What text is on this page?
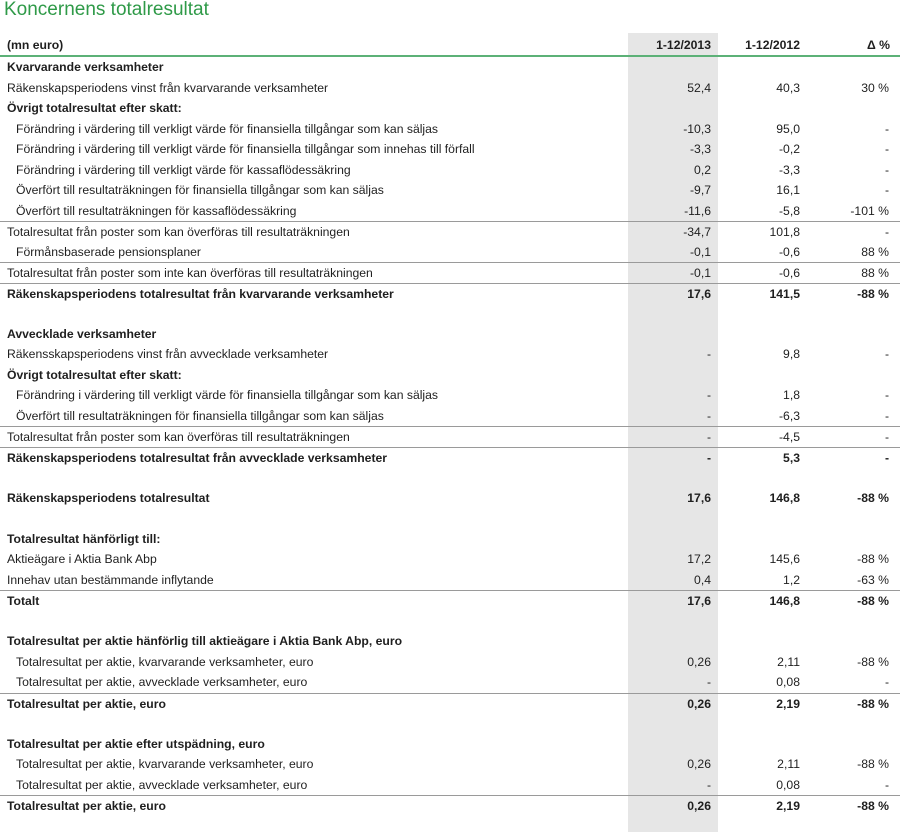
Koncernens totalresultat
(mn euro)	1-12/2013	1-12/2012	Δ %
Kvarvarande verksamheter
Räkenskapsperiodens vinst från kvarvarande verksamheter	52,4	40,3	30 %
Övrigt totalresultat efter skatt:
Förändring i värdering till verkligt värde för finansiella tillgångar som kan säljas	-10,3	95,0	-
Förändring i värdering till verkligt värde för finansiella tillgångar som innehas till förfall	-3,3	-0,2	-
Förändring i värdering till verkligt värde för kassaflödessäkring	0,2	-3,3	-
Överfört till resultaträkningen för finansiella tillgångar som kan säljas	-9,7	16,1	-
Överfört till resultaträkningen för kassaflödessäkring	-11,6	-5,8	-101 %
Totalresultat från poster som kan överföras till resultaträkningen	-34,7	101,8	-
Förmånsbaserade pensionsplaner	-0,1	-0,6	88 %
Totalresultat från poster som inte kan överföras till resultaträkningen	-0,1	-0,6	88 %
Räkenskapsperiodens totalresultat från kvarvarande verksamheter	17,6	141,5	-88 %
Avvecklade verksamheter
Räkensskapsperiodens vinst från avvecklade verksamheter	-	9,8	-
Övrigt totalresultat efter skatt:
Förändring i värdering till verkligt värde för finansiella tillgångar som kan säljas	-	1,8	-
Överfört till resultaträkningen för finansiella tillgångar som kan säljas	-	-6,3	-
Totalresultat från poster som kan överföras till resultaträkningen	-	-4,5	-
Räkenskapsperiodens totalresultat från avvecklade verksamheter	-	5,3	-
Räkenskapsperiodens totalresultat	17,6	146,8	-88 %
Totalresultat hänförligt till:
Aktieägare i Aktia Bank Abp	17,2	145,6	-88 %
Innehav utan bestämmande inflytande	0,4	1,2	-63 %
Totalt	17,6	146,8	-88 %
Totalresultat per aktie hänförlig till aktieägare i Aktia Bank Abp, euro
Totalresultat per aktie, kvarvarande verksamheter, euro	0,26	2,11	-88 %
Totalresultat per aktie, avvecklade verksamheter, euro	-	0,08	-
Totalresultat per aktie, euro	0,26	2,19	-88 %
Totalresultat per aktie efter utspädning, euro
Totalresultat per aktie, kvarvarande verksamheter, euro	0,26	2,11	-88 %
Totalresultat per aktie, avvecklade verksamheter, euro	-	0,08	-
Totalresultat per aktie, euro	0,26	2,19	-88 %
